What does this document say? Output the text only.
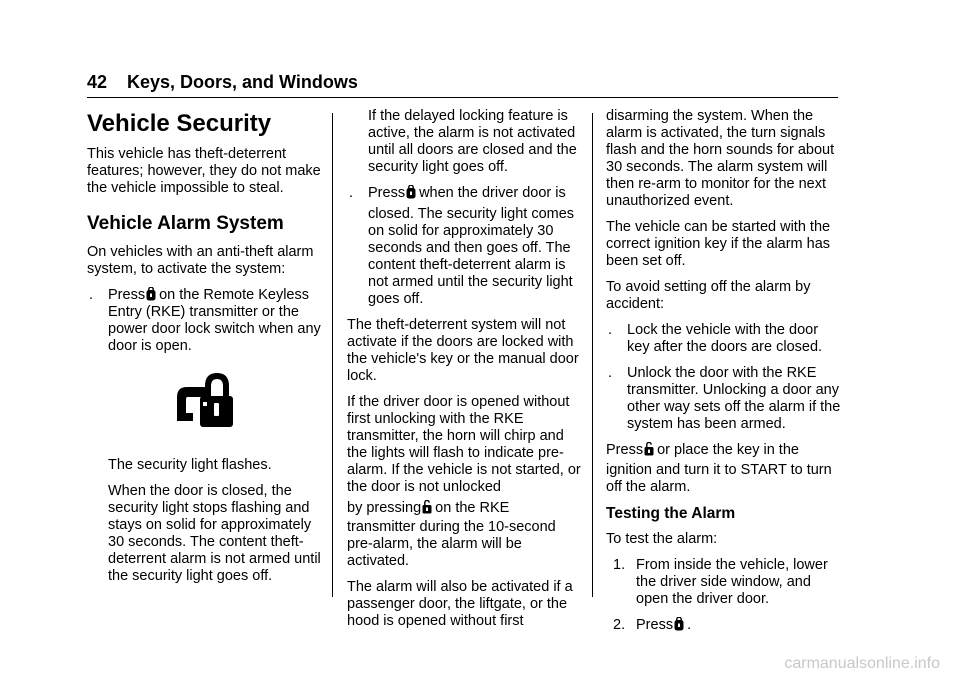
42 Keys, Doors, and Windows
Vehicle Security

This vehicle has theft-deterrent features; however, they do not make the vehicle impossible to steal.

Vehicle Alarm System

On vehicles with an anti-theft alarm system, to activate the system:

. Press on the Remote Keyless Entry (RKE) transmitter or the power door lock switch when any door is open.

The security light flashes.

When the door is closed, the security light stops flashing and stays on solid for approximately 30 seconds. The content theft-deterrent alarm is not armed until the security light goes off.

If the delayed locking feature is active, the alarm is not activated until all doors are closed and the security light goes off.

. Press when the driver door is
closed. The security light comes on solid for approximately 30 seconds and then goes off. The content theft-deterrent alarm is not armed until the security light goes off.

The theft-deterrent system will not activate if the doors are locked with the vehicle's key or the manual door lock.

If the driver door is opened without first unlocking with the RKE transmitter, the horn will chirp and the lights will flash to indicate pre-alarm. If the vehicle is not started, or the door is not unlocked

by pressing on the RKE

transmitter during the 10-second pre-alarm, the alarm will be activated.

The alarm will also be activated if a passenger door, the liftgate, or the hood is opened without first

disarming the system. When the alarm is activated, the turn signals flash and the horn sounds for about 30 seconds. The alarm system will then re-arm to monitor for the next unauthorized event.

The vehicle can be started with the correct ignition key if the alarm has been set off.

To avoid setting off the alarm by accident:

. Lock the vehicle with the door key after the doors are closed.
. Unlock the door with the RKE transmitter. Unlocking a door any other way sets off the alarm if the system has been armed.

Press or place the key in the

ignition and turn it to START to turn off the alarm.

Testing the Alarm

To test the alarm:

1. From inside the vehicle, lower the driver side window, and open the driver door.
2. Press .
carmanualsonline.info
